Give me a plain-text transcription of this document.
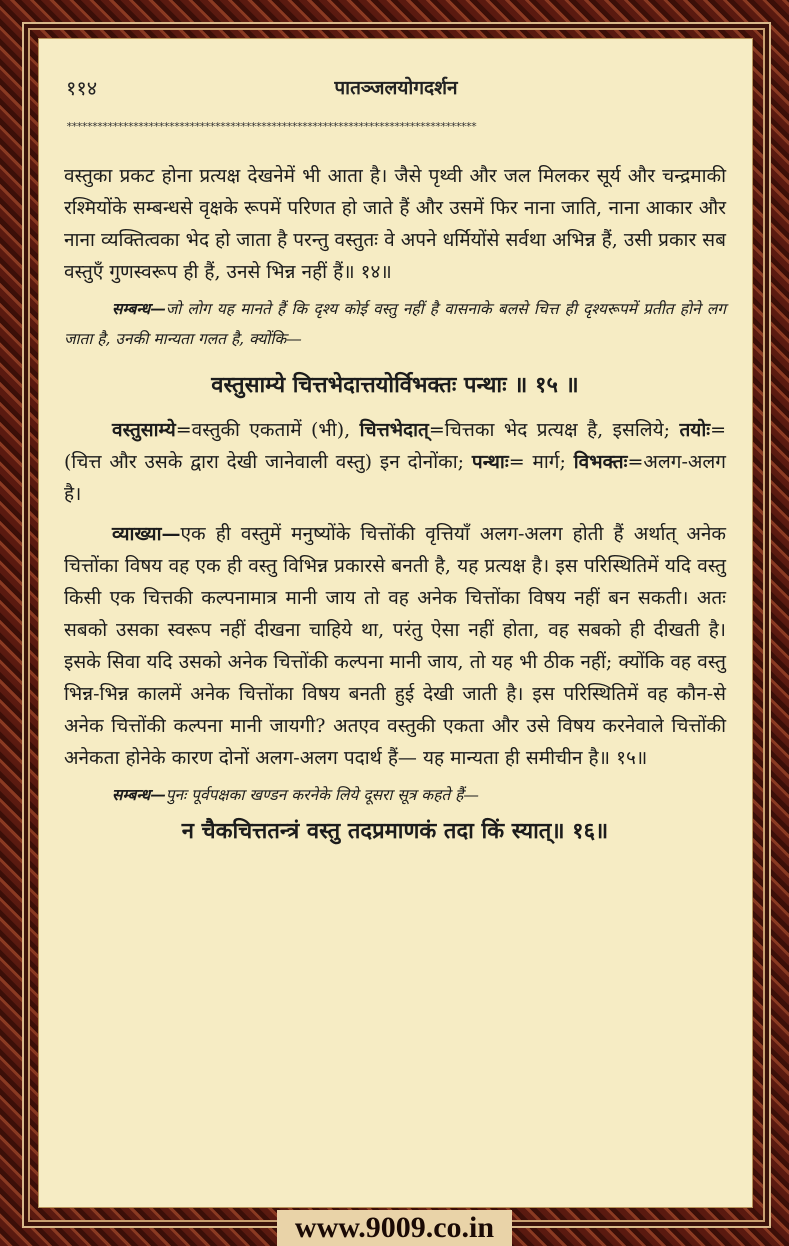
११४	पातञ्जलयोगदर्शन
********************************************************************************

वस्तुका प्रकट होना प्रत्यक्ष देखनेमें भी आता है। जैसे पृथ्वी और जल मिलकर सूर्य और चन्द्रमाकी रश्मियोंके सम्बन्धसे वृक्षके रूपमें परिणत हो जाते हैं और उसमें फिर नाना जाति, नाना आकार और नाना व्यक्तित्वका भेद हो जाता है परन्तु वस्तुतः वे अपने धर्मियोंसे सर्वथा अभिन्न हैं, उसी प्रकार सब वस्तुएँ गुणस्वरूप ही हैं, उनसे भिन्न नहीं हैं॥ १४॥

सम्बन्ध—जो लोग यह मानते हैं कि दृश्य कोई वस्तु नहीं है वासनाके बलसे चित्त ही दृश्यरूपमें प्रतीत होने लग जाता है, उनकी मान्यता गलत है, क्योंकि—

वस्तुसाम्ये चित्तभेदात्तयोर्विभक्तः पन्थाः ॥ १५ ॥

वस्तुसाम्ये=वस्तुकी एकतामें (भी), चित्तभेदात्=चित्तका भेद प्रत्यक्ष है, इसलिये; तयोः=(चित्त और उसके द्वारा देखी जानेवाली वस्तु) इन दोनोंका; पन्थाः= मार्ग; विभक्तः=अलग-अलग है।

व्याख्या—एक ही वस्तुमें मनुष्योंके चित्तोंकी वृत्तियाँ अलग-अलग होती हैं अर्थात् अनेक चित्तोंका विषय वह एक ही वस्तु विभिन्न प्रकारसे बनती है, यह प्रत्यक्ष है। इस परिस्थितिमें यदि वस्तु किसी एक चित्तकी कल्पनामात्र मानी जाय तो वह अनेक चित्तोंका विषय नहीं बन सकती। अतः सबको उसका स्वरूप नहीं दीखना चाहिये था, परंतु ऐसा नहीं होता, वह सबको ही दीखती है। इसके सिवा यदि उसको अनेक चित्तोंकी कल्पना मानी जाय, तो यह भी ठीक नहीं; क्योंकि वह वस्तु भिन्न-भिन्न कालमें अनेक चित्तोंका विषय बनती हुई देखी जाती है। इस परिस्थितिमें वह कौन-से अनेक चित्तोंकी कल्पना मानी जायगी? अतएव वस्तुकी एकता और उसे विषय करनेवाले चित्तोंकी अनेकता होनेके कारण दोनों अलग-अलग पदार्थ हैं— यह मान्यता ही समीचीन है॥ १५॥

सम्बन्ध—पुनः पूर्वपक्षका खण्डन करनेके लिये दूसरा सूत्र कहते हैं—

न चैकचित्ततन्त्रं वस्तु तदप्रमाणकं तदा किं स्यात्॥ १६॥

www.9009.co.in
